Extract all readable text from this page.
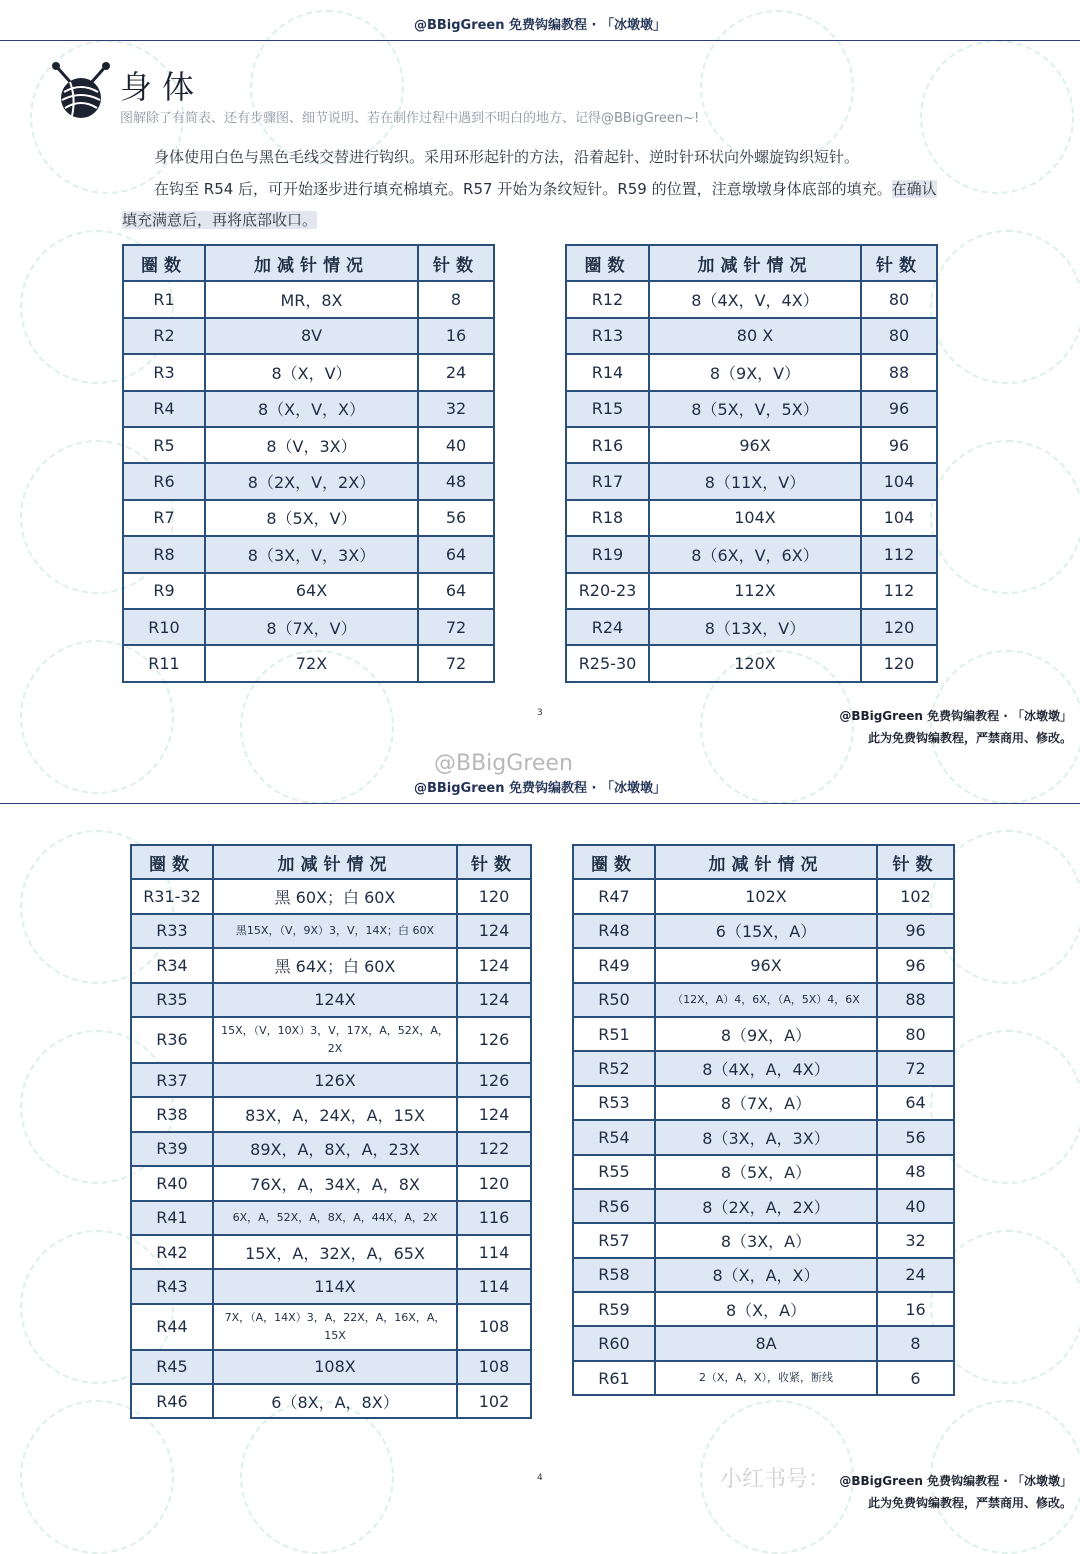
@BBigGreen 免费钩编教程 · 「冰墩墩」
身体
图解除了有简表、还有步骤图、细节说明、若在制作过程中遇到不明白的地方、记得@BBigGreen~!
身体使用白色与黑色毛线交替进行钩织。采用环形起针的方法，沿着起针、逆时针环状向外螺旋钩织短针。
在钩至 R54 后，可开始逐步进行填充棉填充。R57 开始为条纹短针。R59 的位置，注意墩墩身体底部的填充。在确认
填充满意后，再将底部收口。
圈数	加减针情况	针数
R1	MR，8X	8
R2	8V	16
R3	8（X，V）	24
R4	8（X，V，X）	32
R5	8（V，3X）	40
R6	8（2X，V，2X）	48
R7	8（5X，V）	56
R8	8（3X，V，3X）	64
R9	64X	64
R10	8（7X，V）	72
R11	72X	72
圈数	加减针情况	针数
R12	8（4X，V，4X）	80
R13	80 X	80
R14	8（9X，V）	88
R15	8（5X，V，5X）	96
R16	96X	96
R17	8（11X，V）	104
R18	104X	104
R19	8（6X，V，6X）	112
R20-23	112X	112
R24	8（13X，V）	120
R25-30	120X	120
3	@BBigGreen 免费钩编教程 · 「冰墩墩」
此为免费钩编教程，严禁商用、修改。
@BBigGreen
@BBigGreen 免费钩编教程 · 「冰墩墩」
圈数	加减针情况	针数
R31-32	黑 60X；白 60X	120
R33	黑15X，（V，9X）3，V，14X；白 60X	124
R34	黑 64X；白 60X	124
R35	124X	124
R36	15X，（V，10X）3，V，17X，A，52X，A，2X	126
R37	126X	126
R38	83X，A，24X，A，15X	124
R39	89X，A，8X，A，23X	122
R40	76X，A，34X，A，8X	120
R41	6X，A，52X，A，8X，A，44X，A，2X	116
R42	15X，A，32X，A，65X	114
R43	114X	114
R44	7X，（A，14X）3，A，22X，A，16X，A，15X	108
R45	108X	108
R46	6（8X，A，8X）	102
圈数	加减针情况	针数
R47	102X	102
R48	6（15X，A）	96
R49	96X	96
R50	（12X，A）4，6X，（A，5X）4，6X	88
R51	8（9X，A）	80
R52	8（4X，A，4X）	72
R53	8（7X，A）	64
R54	8（3X，A，3X）	56
R55	8（5X，A）	48
R56	8（2X，A，2X）	40
R57	8（3X，A）	32
R58	8（X，A，X）	24
R59	8（X，A）	16
R60	8A	8
R61	2（X，A，X），收紧，断线	6
4	小红书号： @BBigGreen 免费钩编教程 · 「冰墩墩」
此为免费钩编教程，严禁商用、修改。
